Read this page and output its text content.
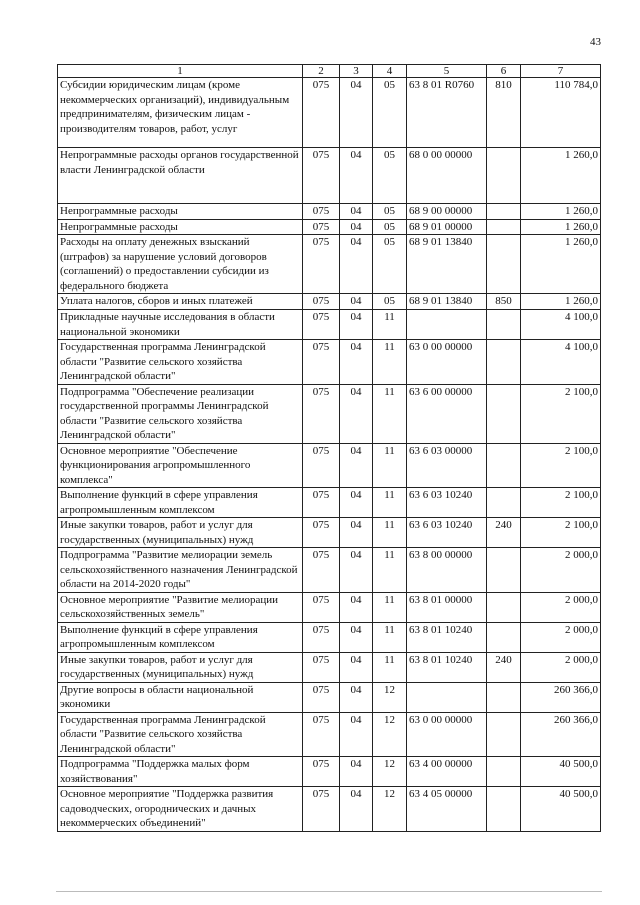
43
1	2	3	4	5	6	7
Субсидии юридическим лицам (кроме некоммерческих организаций), индивидуальным предпринимателям, физическим лицам - производителям товаров, работ, услуг	075	04	05	63 8 01 R0760	810	110 784,0
Непрограммные расходы органов государственной власти Ленинградской области	075	04	05	68 0 00 00000		1 260,0
Непрограммные расходы	075	04	05	68 9 00 00000		1 260,0
Непрограммные расходы	075	04	05	68 9 01 00000		1 260,0
Расходы на оплату денежных взысканий (штрафов) за нарушение условий договоров (соглашений) о предоставлении субсидии из федерального бюджета	075	04	05	68 9 01 13840		1 260,0
Уплата налогов, сборов и иных платежей	075	04	05	68 9 01 13840	850	1 260,0
Прикладные научные исследования в области национальной экономики	075	04	11			4 100,0
Государственная программа Ленинградской области "Развитие сельского хозяйства Ленинградской области"	075	04	11	63 0 00 00000		4 100,0
Подпрограмма "Обеспечение реализации государственной программы Ленинградской области "Развитие сельского хозяйства Ленинградской области"	075	04	11	63 6 00 00000		2 100,0
Основное мероприятие "Обеспечение функционирования агропромышленного комплекса"	075	04	11	63 6 03 00000		2 100,0
Выполнение функций в сфере управления агропромышленным комплексом	075	04	11	63 6 03 10240		2 100,0
Иные закупки товаров, работ и услуг для государственных (муниципальных) нужд	075	04	11	63 6 03 10240	240	2 100,0
Подпрограмма "Развитие мелиорации земель сельскохозяйственного назначения Ленинградской области на 2014-2020 годы"	075	04	11	63 8 00 00000		2 000,0
Основное мероприятие "Развитие мелиорации сельскохозяйственных земель"	075	04	11	63 8 01 00000		2 000,0
Выполнение функций в сфере управления агропромышленным комплексом	075	04	11	63 8 01 10240		2 000,0
Иные закупки товаров, работ и услуг для государственных (муниципальных) нужд	075	04	11	63 8 01 10240	240	2 000,0
Другие вопросы в области национальной экономики	075	04	12			260 366,0
Государственная программа Ленинградской области "Развитие сельского хозяйства Ленинградской области"	075	04	12	63 0 00 00000		260 366,0
Подпрограмма "Поддержка малых форм хозяйствования"	075	04	12	63 4 00 00000		40 500,0
Основное мероприятие "Поддержка развития садоводческих, огороднических и дачных некоммерческих объединений"	075	04	12	63 4 05 00000		40 500,0
